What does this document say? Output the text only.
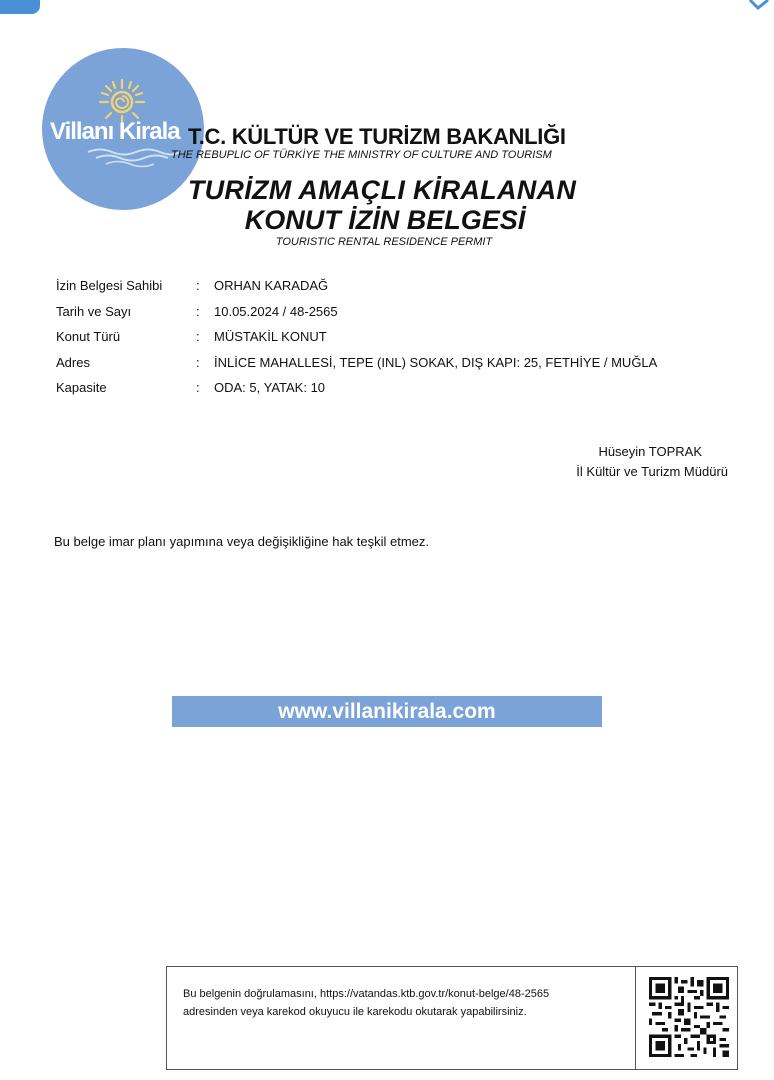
Villanı Kirala T.C. KÜLTÜR VE TURİZM BAKANLIĞI
THE REBUPLIC OF TÜRKİYE THE MINISTRY OF CULTURE AND TOURISM
TURİZM AMAÇLI KİRALANAN
KONUT İZİN BELGESİ
TOURISTIC RENTAL RESIDENCE PERMIT
İzin Belgesi Sahibi	:	ORHAN KARADAĞ
Tarih ve Sayı	:	10.05.2024 / 48-2565
Konut Türü	:	MÜSTAKİL KONUT
Adres	:	İNLİCE MAHALLESİ, TEPE (INL) SOKAK, DIŞ KAPI: 25, FETHİYE / MUĞLA
Kapasite	:	ODA: 5, YATAK: 10
Hüseyin TOPRAK
İl Kültür ve Turizm Müdürü
Bu belge imar planı yapımına veya değişikliğine hak teşkil etmez.
www.villanikirala.com
Bu belgenin doğrulamasını, https://vatandas.ktb.gov.tr/konut-belge/48-2565
adresinden veya karekod okuyucu ile karekodu okutarak yapabilirsiniz.
